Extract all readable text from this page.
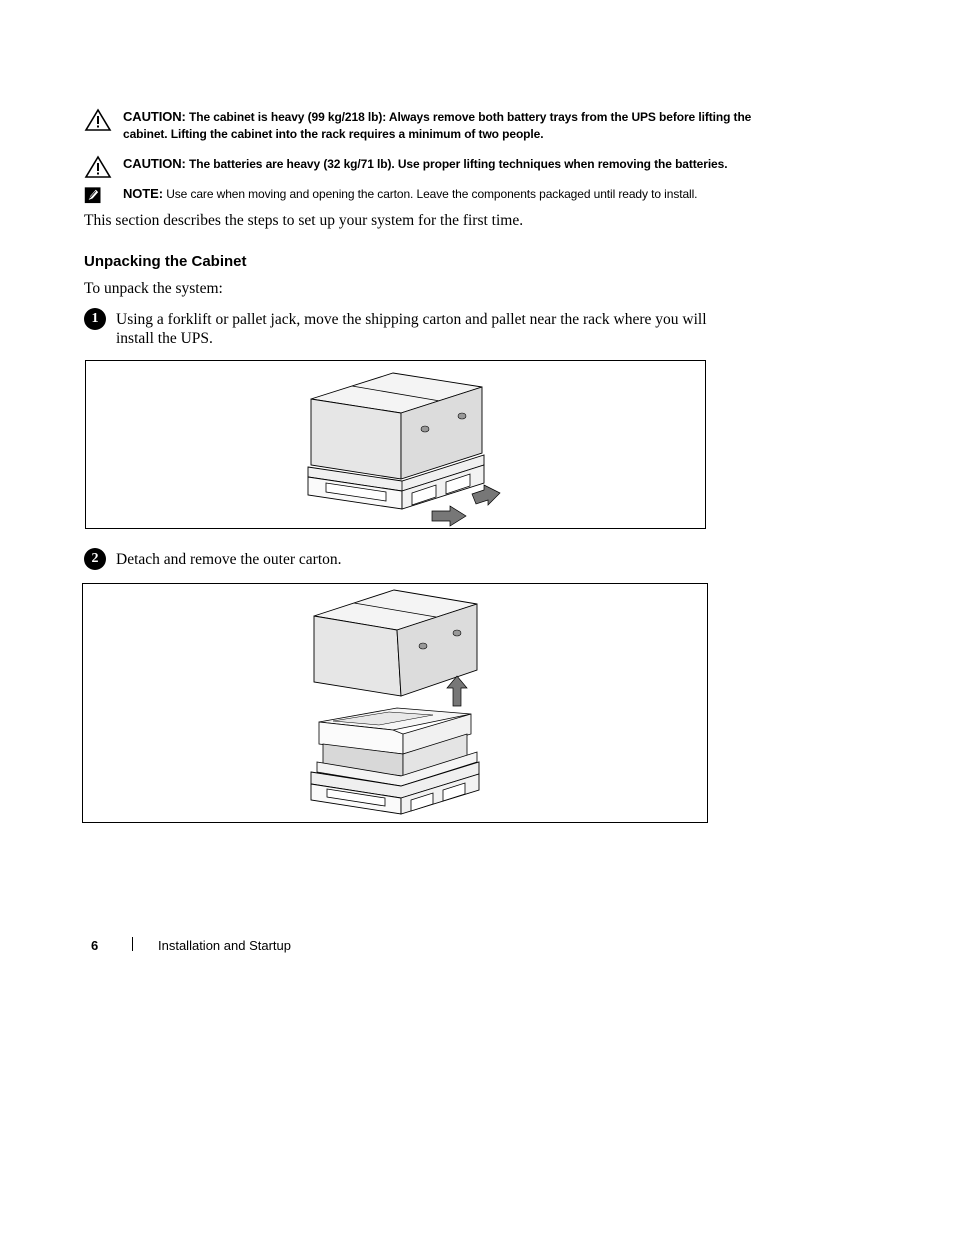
CAUTION: The cabinet is heavy (99 kg/218 lb): Always remove both battery trays from the UPS before lifting the cabinet. Lifting the cabinet into the rack requires a minimum of two people.
CAUTION: The batteries are heavy (32 kg/71 lb). Use proper lifting techniques when removing the batteries.
NOTE: Use care when moving and opening the carton. Leave the components packaged until ready to install.
This section describes the steps to set up your system for the first time.
Unpacking the Cabinet
To unpack the system:
1	Using a forklift or pallet jack, move the shipping carton and pallet near the rack where you will install the UPS.
2	Detach and remove the outer carton.
6	Installation and Startup
